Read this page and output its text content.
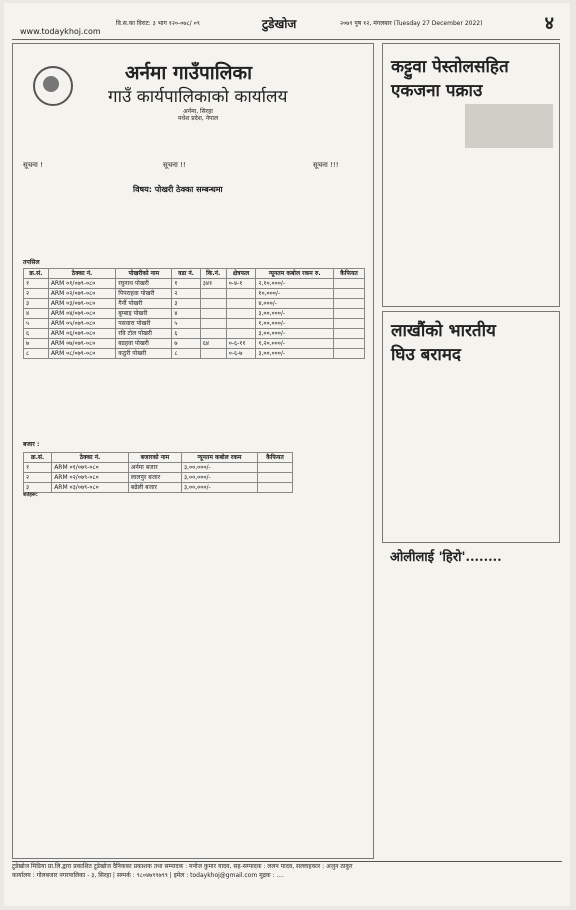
वि.स.का विराट: ३ भाग १२०-०७८/ ०९	टुडेखोज	२०७९ पुष १२, मंगलबार (Tuesday 27 December 2022)	४
www.todaykhoj.com
अर्नमा गाउँपालिका
गाउँ कार्यपालिकाको कार्यालय
अर्नमा, सिरहा
मधेश प्रदेश, नेपाल
सूचना !	सूचना !!	सूचना !!!
विषय: पोखरी ठेक्का सम्बन्धमा
तपसिल
क्र.सं.	ठेक्का नं.	पोखरीको नाम	वडा नं.	कि.नं.	क्षेत्रफल	न्यूनतम कबोल रकम रु.	कैफियत
१	ARM ०१/०७९-०८०	रघुनाथ पोखरी	१	३४१	०-४-१	२,१०,०००/-	
२	ARM ०२/०७९-०८०	पिपराहवा पोखरी	२			१०,०००/-	
३	ARM ०३/०७९-०८०	गैर्नी पोखरी	३			४,०००/-	
४	ARM ०४/०७९-०८०	बुम्बाइ पोखरी	४			३,००,०००/-	
५	ARM ०५/०७९-०८०	पसवारा पोखरी	५			१,००,०००/-	
६	ARM ०६/०७९-०८०	रवि टोल पोखरी	६			३,००,०००/-	
७	ARM ०७/०७९-०८०	बडहवा पोखरी	७	६४	०-६-११	१,२०,०००/-	
८	ARM ०८/०७९-०८०	कठुरी पोखरी	८		०-६-७	३,००,०००/-	
बजार :
क्र.सं.	ठेक्का नं.	बजारको नाम	न्यूनतम कबोल रकम	कैफियत
१	ARM ०१/०७९-०८०	अर्नमा बजार	३,००,०००/-	
२	ARM ०२/०७९-०८०	लालपुर बजार	३,००,०००/-	
३	ARM ०३/०७९-०८०	बढेली बजार	३,००,०००/-	

शर्तहरू:

कट्टुवा पेस्तोलसहित
एकजना पक्राउ
लाखौंको भारतीय
घिउ बरामद
ओलीलाई 'हिरो'........
टुडेखोज मिडिया प्रा.लि.द्वारा प्रकाशित टुडेखोज दैनिकका प्रकाशक तथा सम्पादक : मनोज कुमार यादव, सह-सम्पादक : ललन यादव, सल्लाहकार : अजुन ठाकुर
कार्यालय : गोलबजार नगरपालिका - ३, सिरहा | सम्पर्क : ९८०४७९९७९९ | इमेल : todaykhoj@gmail.com मुद्रक : ....
